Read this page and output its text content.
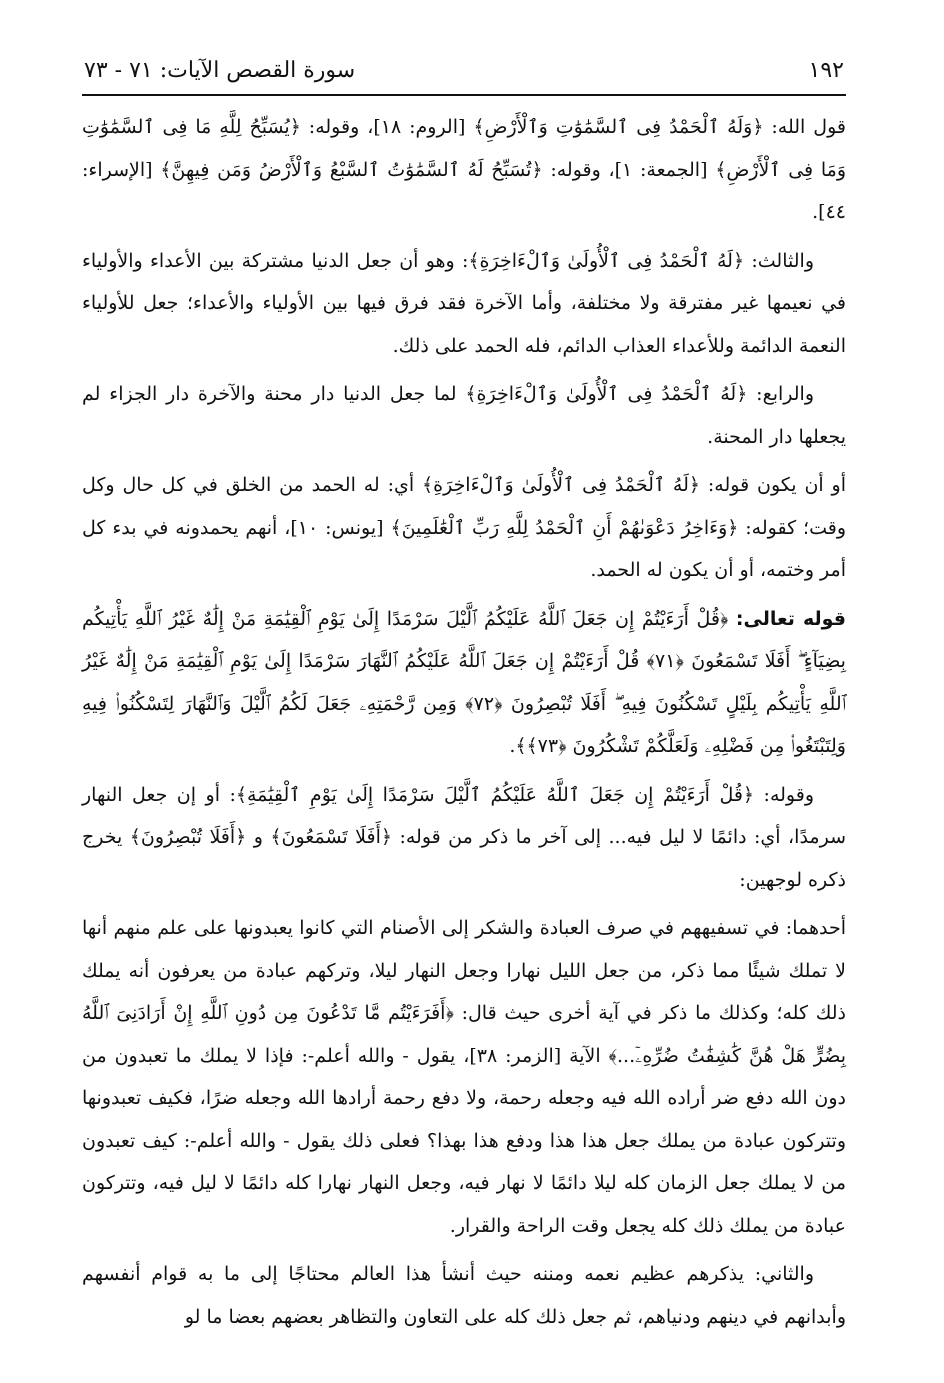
١٩٢
سورة القصص الآيات: ٧١ - ٧٣

قول الله: ﴿وَلَهُ ٱلْحَمْدُ فِى ٱلسَّمَٰوَٰتِ وَٱلْأَرْضِ﴾ [الروم: ١٨]، وقوله: ﴿يُسَبِّحُ لِلَّهِ مَا فِى ٱلسَّمَٰوَٰتِ وَمَا فِى ٱلْأَرْضِ﴾ [الجمعة: ١]، وقوله: ﴿تُسَبِّحُ لَهُ ٱلسَّمَٰوَٰتُ ٱلسَّبْعُ وَٱلْأَرْضُ وَمَن فِيهِنَّ﴾ [الإسراء: ٤٤].

والثالث: ﴿لَهُ ٱلْحَمْدُ فِى ٱلْأُولَىٰ وَٱلْءَاخِرَةِ﴾: وهو أن جعل الدنيا مشتركة بين الأعداء والأولياء في نعيمها غير مفترقة ولا مختلفة، وأما الآخرة فقد فرق فيها بين الأولياء والأعداء؛ جعل للأولياء النعمة الدائمة وللأعداء العذاب الدائم، فله الحمد على ذلك.

والرابع: ﴿لَهُ ٱلْحَمْدُ فِى ٱلْأُولَىٰ وَٱلْءَاخِرَةِ﴾ لما جعل الدنيا دار محنة والآخرة دار الجزاء لم يجعلها دار المحنة.

أو أن يكون قوله: ﴿لَهُ ٱلْحَمْدُ فِى ٱلْأُولَىٰ وَٱلْءَاخِرَةِ﴾ أي: له الحمد من الخلق في كل حال وكل وقت؛ كقوله: ﴿وَءَاخِرُ دَعْوَىٰهُمْ أَنِ ٱلْحَمْدُ لِلَّهِ رَبِّ ٱلْعَٰلَمِينَ﴾ [يونس: ١٠]، أنهم يحمدونه في بدء كل أمر وختمه، أو أن يكون له الحمد.

قوله تعالى: ﴿قُلْ أَرَءَيْتُمْ إِن جَعَلَ ٱللَّهُ عَلَيْكُمُ ٱلَّيْلَ سَرْمَدًا إِلَىٰ يَوْمِ ٱلْقِيَٰمَةِ مَنْ إِلَٰهٌ غَيْرُ ٱللَّهِ يَأْتِيكُم بِضِيَآءٍ ۖ أَفَلَا تَسْمَعُونَ ﴿٧١﴾ قُلْ أَرَءَيْتُمْ إِن جَعَلَ ٱللَّهُ عَلَيْكُمُ ٱلنَّهَارَ سَرْمَدًا إِلَىٰ يَوْمِ ٱلْقِيَٰمَةِ مَنْ إِلَٰهٌ غَيْرُ ٱللَّهِ يَأْتِيكُم بِلَيْلٍ تَسْكُنُونَ فِيهِ ۖ أَفَلَا تُبْصِرُونَ ﴿٧٢﴾ وَمِن رَّحْمَتِهِۦ جَعَلَ لَكُمُ ٱلَّيْلَ وَٱلنَّهَارَ لِتَسْكُنُوا۟ فِيهِ وَلِتَبْتَغُوا۟ مِن فَضْلِهِۦ وَلَعَلَّكُمْ تَشْكُرُونَ ﴿٧٣﴾﴾.

وقوله: ﴿قُلْ أَرَءَيْتُمْ إِن جَعَلَ ٱللَّهُ عَلَيْكُمُ ٱلَّيْلَ سَرْمَدًا إِلَىٰ يَوْمِ ٱلْقِيَٰمَةِ﴾: أو إن جعل النهار سرمدًا، أي: دائمًا لا ليل فيه... إلى آخر ما ذكر من قوله: ﴿أَفَلَا تَسْمَعُونَ﴾ و ﴿أَفَلَا تُبْصِرُونَ﴾ يخرج ذكره لوجهين:

أحدهما: في تسفيههم في صرف العبادة والشكر إلى الأصنام التي كانوا يعبدونها على علم منهم أنها لا تملك شيئًا مما ذكر، من جعل الليل نهارا وجعل النهار ليلا، وتركهم عبادة من يعرفون أنه يملك ذلك كله؛ وكذلك ما ذكر في آية أخرى حيث قال: ﴿أَفَرَءَيْتُم مَّا تَدْعُونَ مِن دُونِ ٱللَّهِ إِنْ أَرَادَنِىَ ٱللَّهُ بِضُرٍّ هَلْ هُنَّ كَٰشِفَٰتُ ضُرِّهِۦٓ...﴾ الآية [الزمر: ٣٨]، يقول - والله أعلم-: فإذا لا يملك ما تعبدون من دون الله دفع ضر أراده الله فيه وجعله رحمة، ولا دفع رحمة أرادها الله وجعله ضرًا، فكيف تعبدونها وتتركون عبادة من يملك جعل هذا هذا ودفع هذا بهذا؟ فعلى ذلك يقول - والله أعلم-: كيف تعبدون من لا يملك جعل الزمان كله ليلا دائمًا لا نهار فيه، وجعل النهار نهارا كله دائمًا لا ليل فيه، وتتركون عبادة من يملك ذلك كله يجعل وقت الراحة والقرار.

والثاني: يذكرهم عظيم نعمه ومننه حيث أنشأ هذا العالم محتاجًا إلى ما به قوام أنفسهم وأبدانهم في دينهم ودنياهم، ثم جعل ذلك كله على التعاون والتظاهر بعضهم بعضا ما لو
